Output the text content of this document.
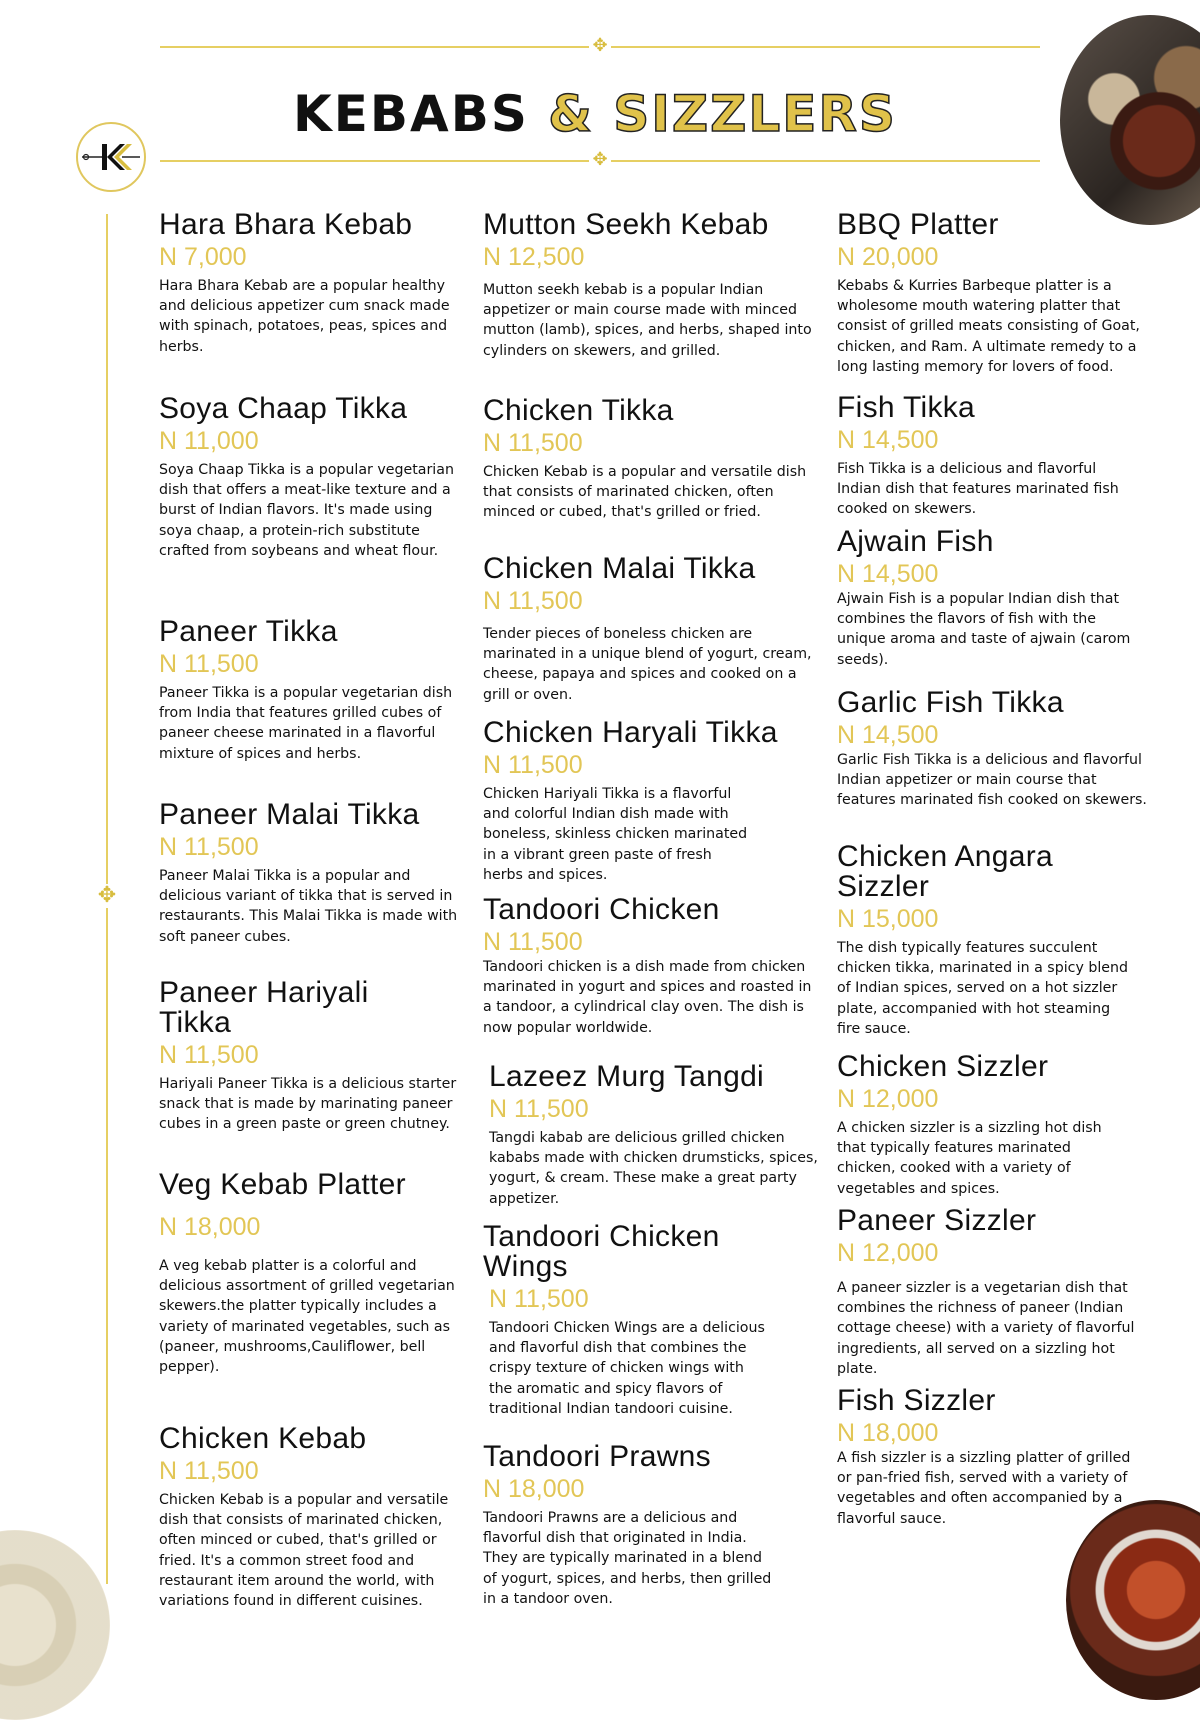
✥
KEBABS & SIZZLERS
✥
✥
Hara Bhara Kebab
N 7,000
Hara Bhara Kebab are a popular healthy and delicious appetizer cum snack made with spinach, potatoes, peas, spices and herbs.
Soya Chaap Tikka
N 11,000
Soya Chaap Tikka is a popular vegetarian dish that offers a meat-like texture and a burst of Indian flavors. It's made using soya chaap, a protein-rich substitute crafted from soybeans and wheat flour.
Paneer Tikka
N 11,500
Paneer Tikka is a popular vegetarian dish from India that features grilled cubes of paneer cheese marinated in a flavorful mixture of spices and herbs.
Paneer Malai Tikka
N 11,500
Paneer Malai Tikka is a popular and delicious variant of tikka that is served in restaurants. This Malai Tikka is made with soft paneer cubes.
Paneer Hariyali Tikka
N 11,500
Hariyali Paneer Tikka is a delicious starter snack that is made by marinating paneer cubes in a green paste or green chutney.
Veg Kebab Platter
N 18,000
A veg kebab platter is a colorful and delicious assortment of grilled vegetarian skewers.the platter typically includes a variety of marinated vegetables, such as (paneer, mushrooms,Cauliflower, bell pepper).
Chicken Kebab
N 11,500
Chicken Kebab is a popular and versatile dish that consists of marinated chicken, often minced or cubed, that's grilled or fried. It's a common street food and restaurant item around the world, with variations found in different cuisines.
Mutton Seekh Kebab
N 12,500
Mutton seekh kebab is a popular Indian appetizer or main course made with minced mutton (lamb), spices, and herbs, shaped into cylinders on skewers, and grilled.
Chicken Tikka
N 11,500
Chicken Kebab is a popular and versatile dish that consists of marinated chicken, often minced or cubed, that's grilled or fried.
Chicken Malai Tikka
N 11,500
Tender pieces of boneless chicken are marinated in a unique blend of yogurt, cream, cheese, papaya and spices and cooked on a grill or oven.
Chicken Haryali Tikka
N 11,500
Chicken Hariyali Tikka is a flavorful and colorful Indian dish made with boneless, skinless chicken marinated in a vibrant green paste of fresh herbs and spices.
Tandoori Chicken
N 11,500
Tandoori chicken is a dish made from chicken marinated in yogurt and spices and roasted in a tandoor, a cylindrical clay oven. The dish is now popular worldwide.
Lazeez Murg Tangdi
N 11,500
Tangdi kabab are delicious grilled chicken kababs made with chicken drumsticks, spices, yogurt, & cream. These make a great party appetizer.
Tandoori Chicken Wings
N 11,500
Tandoori Chicken Wings are a delicious and flavorful dish that combines the crispy texture of chicken wings with the aromatic and spicy flavors of traditional Indian tandoori cuisine.
Tandoori Prawns
N 18,000
Tandoori Prawns are a delicious and flavorful dish that originated in India. They are typically marinated in a blend of yogurt, spices, and herbs, then grilled in a tandoor oven.
BBQ Platter
N 20,000
Kebabs & Kurries Barbeque platter is a wholesome mouth watering platter that consist of grilled meats consisting of Goat, chicken, and Ram. A ultimate remedy to a long lasting memory for lovers of food.
Fish Tikka
N 14,500
Fish Tikka is a delicious and flavorful Indian dish that features marinated fish cooked on skewers.
Ajwain Fish
N 14,500
Ajwain Fish is a popular Indian dish that combines the flavors of fish with the unique aroma and taste of ajwain (carom seeds).
Garlic Fish Tikka
N 14,500
Garlic Fish Tikka is a delicious and flavorful Indian appetizer or main course that features marinated fish cooked on skewers.
Chicken Angara Sizzler
N 15,000
The dish typically features succulent chicken tikka, marinated in a spicy blend of Indian spices, served on a hot sizzler plate, accompanied with hot steaming fire sauce.
Chicken Sizzler
N 12,000
A chicken sizzler is a sizzling hot dish that typically features marinated chicken, cooked with a variety of vegetables and spices.
Paneer Sizzler
N 12,000
A paneer sizzler is a vegetarian dish that combines the richness of paneer (Indian cottage cheese) with a variety of flavorful ingredients, all served on a sizzling hot plate.
Fish Sizzler
N 18,000
A fish sizzler is a sizzling platter of grilled or pan-fried fish, served with a variety of vegetables and often accompanied by a flavorful sauce.
